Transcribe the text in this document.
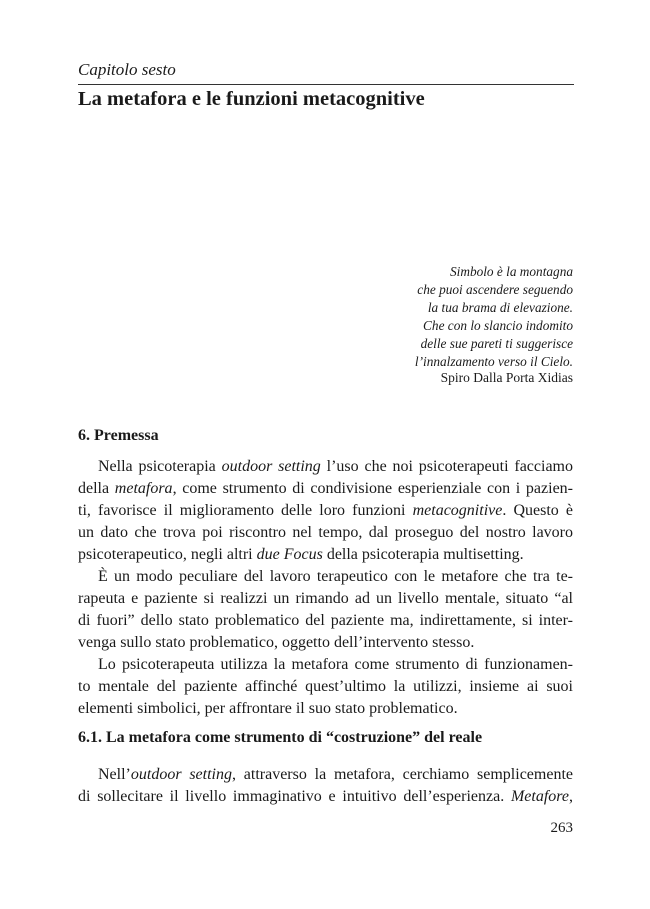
Capitolo sesto
La metafora e le funzioni metacognitive
Simbolo è la montagna
che puoi ascendere seguendo
la tua brama di elevazione.
Che con lo slancio indomito
delle sue pareti ti suggerisce
l’innalzamento verso il Cielo.
Spiro Dalla Porta Xidias
6. Premessa
Nella psicoterapia outdoor setting l’uso che noi psicoterapeuti facciamo
della metafora, come strumento di condivisione esperienziale con i pazien-
ti, favorisce il miglioramento delle loro funzioni metacognitive. Questo è
un dato che trova poi riscontro nel tempo, dal proseguo del nostro lavoro
psicoterapeutico, negli altri due Focus della psicoterapia multisetting.
È un modo peculiare del lavoro terapeutico con le metafore che tra te-
rapeuta e paziente si realizzi un rimando ad un livello mentale, situato “al
di fuori” dello stato problematico del paziente ma, indirettamente, si inter-
venga sullo stato problematico, oggetto dell’intervento stesso.
Lo psicoterapeuta utilizza la metafora come strumento di funzionamen-
to mentale del paziente affinché quest’ultimo la utilizzi, insieme ai suoi
elementi simbolici, per affrontare il suo stato problematico.
6.1. La metafora come strumento di “costruzione” del reale
Nell’outdoor setting, attraverso la metafora, cerchiamo semplicemente
di sollecitare il livello immaginativo e intuitivo dell’esperienza. Metafore,
263
